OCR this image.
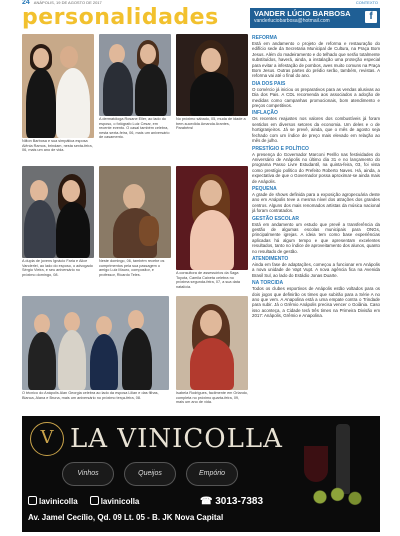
24 ANÁPOLIS, 19 DE AGOSTO DE 2017	CONTEXTO
personalidades	VANDER LÚCIO BARBOSA
vanderluciobarbosa@hotmail.com	f
Nilton Barbosa e sua simpática esposa Alênia Ramos, brindam, nesta sexta-feira, 06, mais um ano de vida.
A dermatóloga Rosane Eller, ao lado do esposo, o fotógrafo Luiz Cesar, em recente evento. O casal também celebra, nesta sexta-feira, 06, mais um aniversário de casamento.
No próximo sábado, 05, muda de idade a bem-sucedida Amanda Arantes, Parabéns!
A dupla de jovens Ignácio Faria e Alice Vanderlei, ao lado do esposo, o advogado Sérgio Vieira, e seu aniversário no próximo domingo, 08.
Neste domingo, 06, também recebe os cumprimentos pela sua passagem o amigo Luiz Mauro, compositor, e professor, Ricardo Teles.	A consultora de assessórios da Saga Toyota, Camila Caixeta celebra no próxima segunda-feira, 07, a sua data natalícia.
O técnico do Anápolis Alan Georgia celebra ao lado da esposa Lilian e das filhas, Bianca, Alana e Bruna, mais um aniversário no próximo terça-feira, 08.
Isabela Rodrigues, facilmente em Orlando, completa no próximo quarta-feira, 09, mais um ano de vida.
REFORMA
Está em andamento o projeto de reforma e restauração do edifício sede da Secretaria Municipal de Cultura, na Praça Bom Jesus. Além do madeiramento e do telhado que serão totalmente substituídos, haverá, ainda, a instalação uma proteção especial para evitar a infestação de pombos, aves muito comuns na Praça Bom Jesus. Outras partes do prédio serão, também, revistas. A reforma vai até o final do ano.
DIA DOS PAIS
O comércio já iniciou os preparativos para as vendas alusivas ao Dia dos Pais. A CDL recomenda aos associados a adoção de medidas como campanhas promocionais, bom atendimento e preços competitivos.
INFLAÇÃO
Os recentes reajustes nos valores dos combustíveis já foram sentidos em diversos setores da economia. Um deles e o de hortigranjeiros. Já se prevê, ainda, que o mês de agosto seja fechado com um índice de preço mais elevado em relação ao mês de julho.
PRESTÍGIO E POLÍTICO
A presença do Governador Marconi Perillo nas festividades do Aniversário de Anápolis no último dia 31 e no lançamento do programa Passo Livre Estudantil, na quinta-feira, 03, foi vista como prestígio político do Prefeito Roberto Naves. Há, ainda, a expectativa de que o Governador possa aproximar-se ainda mais de Anápolis.
PEQUENA
A grade de shows definida para a exposição agropecuária deste ano em Anápolis teve a mesma nível dos atrações dos grandes centros. Alguns dos mais renomados artistas da música nacional já foram contratados.
GESTÃO ESCOLAR
Está em andamento um estudo que prevê a transferência da gestão de algumas escolas municipais para ONGs, principalmente igrejas. A ideia tem como base experiências aplicadas há algum tempo e que apresentam excelentes resultados, tanto no índice de aproveitamento dos alunos, quanto no resultado de gestão.
ATENDIMENTO
Ainda em fase de adaptações, começou a funcionar em Anápolis a nova unidade de Vapt Vupt. A nova agência fica na Avenida Brasil Sul, ao lado do Estádio Jonas Duarte.
NA TORCIDA
Todos os clubes esportivos de Anápolis estão voltados para os dois jogos que definirão os times que subirão para a Série A no ano que vem. A Anapolina está a uma empate contra o Trindade para subir. Já o Grêmio Anápolis precisa vencer o Goiânia. Caso isso aconteça, a Cidade terá três times na Primeira Divisão em 2017: Anápolis, Grêmio e Anapolina.
V LA VINICOLLA
Vinhos	Queijos	Empório
lavinicolla	lavinicolla	☎ 3013-7383
Av. Jamel Cecílio, Qd. 09 Lt. 05 - B. JK Nova Capital
